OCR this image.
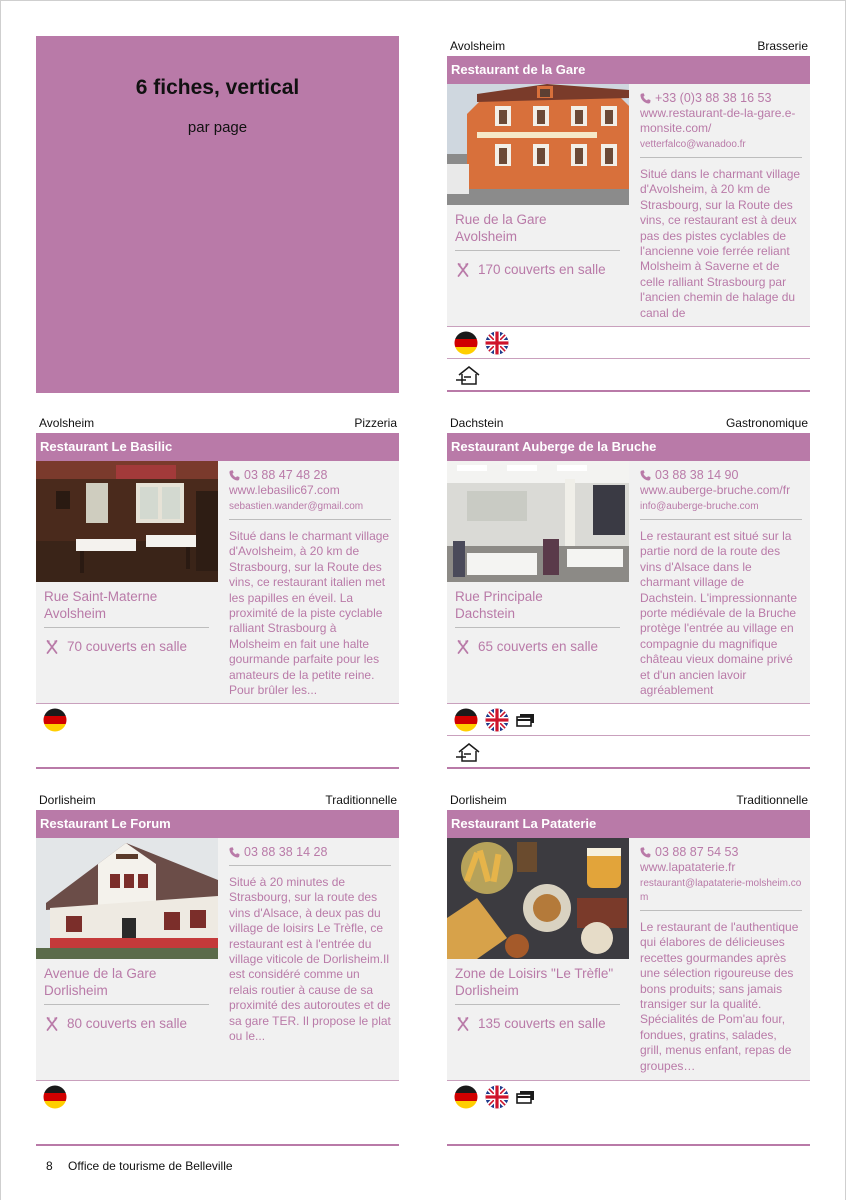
6 fiches, vertical
par page
Avolsheim	Brasserie
Restaurant de la Gare
Rue de la Gare
Avolsheim
170 couverts en salle
+33 (0)3 88 38 16 53
www.restaurant-de-la-gare.e-monsite.com/
vetterfalco@wanadoo.fr
Situé dans le charmant village d'Avolsheim, à 20 km de Strasbourg, sur la Route des vins, ce restaurant est à deux pas des pistes cyclables de l'ancienne voie ferrée reliant Molsheim à Saverne et de celle ralliant Strasbourg par l'ancien chemin de halage du canal de
Avolsheim	Pizzeria
Restaurant Le Basilic
Rue Saint-Materne
Avolsheim
70 couverts en salle
03 88 47 48 28
www.lebasilic67.com
sebastien.wander@gmail.com
Situé dans le charmant village d'Avolsheim, à 20 km de Strasbourg, sur la Route des vins, ce restaurant italien met les papilles en éveil. La proximité de la piste cyclable ralliant Strasbourg à Molsheim en fait une halte gourmande parfaite pour les amateurs de la petite reine. Pour brûler les...
Dachstein	Gastronomique
Restaurant Auberge de la Bruche
Rue Principale
Dachstein
65 couverts en salle
03 88 38 14 90
www.auberge-bruche.com/fr
info@auberge-bruche.com
Le restaurant est situé sur la partie nord de la route des vins d'Alsace dans le charmant village de Dachstein. L'impressionnante porte médiévale de la Bruche protège l'entrée au village en compagnie du magnifique château vieux domaine privé et d'un ancien lavoir agréablement
Dorlisheim	Traditionnelle
Restaurant Le Forum
Avenue de la Gare
Dorlisheim
80 couverts en salle
03 88 38 14 28
Situé à 20 minutes de Strasbourg, sur la route des vins d'Alsace, à deux pas du village de loisirs Le Trèfle, ce restaurant est à l'entrée du village viticole de Dorlisheim.Il est considéré comme un relais routier à cause de sa proximité des autoroutes et de sa gare TER. Il propose le plat ou le...
Dorlisheim	Traditionnelle
Restaurant La Pataterie
Zone de Loisirs "Le Trèfle"
Dorlisheim
135 couverts en salle
03 88 87 54 53
www.lapataterie.fr
restaurant@lapataterie-molsheim.com
Le restaurant de l'authentique qui élabores de délicieuses recettes gourmandes après une sélection rigoureuse des bons produits; sans jamais transiger sur la qualité. Spécialités de Pom'au four, fondues, gratins, salades, grill, menus enfant, repas de groupes…
8 Office de tourisme de Belleville
